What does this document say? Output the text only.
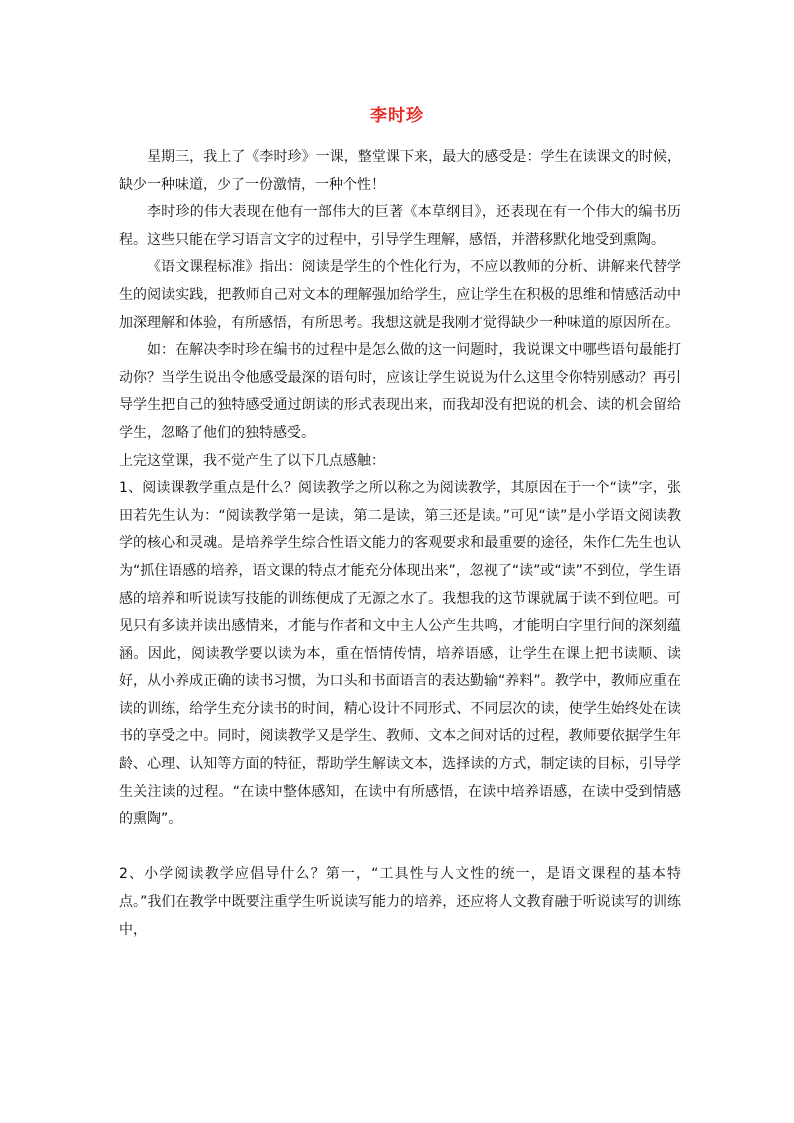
李时珍

星期三，我上了《李时珍》一课，整堂课下来，最大的感受是：学生在读课文的时候，缺少一种味道，少了一份激情，一种个性！

李时珍的伟大表现在他有一部伟大的巨著《本草纲目》，还表现在有一个伟大的编书历程。这些只能在学习语言文字的过程中，引导学生理解，感悟，并潜移默化地受到熏陶。

《语文课程标准》指出：阅读是学生的个性化行为，不应以教师的分析、讲解来代替学生的阅读实践，把教师自己对文本的理解强加给学生，应让学生在积极的思维和情感活动中加深理解和体验，有所感悟，有所思考。我想这就是我刚才觉得缺少一种味道的原因所在。

如：在解决李时珍在编书的过程中是怎么做的这一问题时，我说课文中哪些语句最能打动你？当学生说出令他感受最深的语句时，应该让学生说说为什么这里令你特别感动？再引导学生把自己的独特感受通过朗读的形式表现出来，而我却没有把说的机会、读的机会留给学生，忽略了他们的独特感受。

上完这堂课，我不觉产生了以下几点感触：

1、阅读课教学重点是什么？阅读教学之所以称之为阅读教学，其原因在于一个“读”字，张田若先生认为：“阅读教学第一是读，第二是读，第三还是读。”可见“读”是小学语文阅读教学的核心和灵魂。是培养学生综合性语文能力的客观要求和最重要的途径，朱作仁先生也认为“抓住语感的培养，语文课的特点才能充分体现出来”，忽视了“读”或“读”不到位，学生语感的培养和听说读写技能的训练便成了无源之水了。我想我的这节课就属于读不到位吧。可见只有多读并读出感情来，才能与作者和文中主人公产生共鸣，才能明白字里行间的深刻蕴涵。因此，阅读教学要以读为本，重在悟情传情，培养语感，让学生在课上把书读顺、读好，从小养成正确的读书习惯，为口头和书面语言的表达勤输“养料”。教学中，教师应重在读的训练，给学生充分读书的时间，精心设计不同形式、不同层次的读，使学生始终处在读书的享受之中。同时，阅读教学又是学生、教师、文本之间对话的过程，教师要依据学生年龄、心理、认知等方面的特征，帮助学生解读文本，选择读的方式，制定读的目标，引导学生关注读的过程。“在读中整体感知，在读中有所感悟，在读中培养语感，在读中受到情感的熏陶”。

2、小学阅读教学应倡导什么？第一，“工具性与人文性的统一，是语文课程的基本特点。”我们在教学中既要注重学生听说读写能力的培养，还应将人文教育融于听说读写的训练中，
